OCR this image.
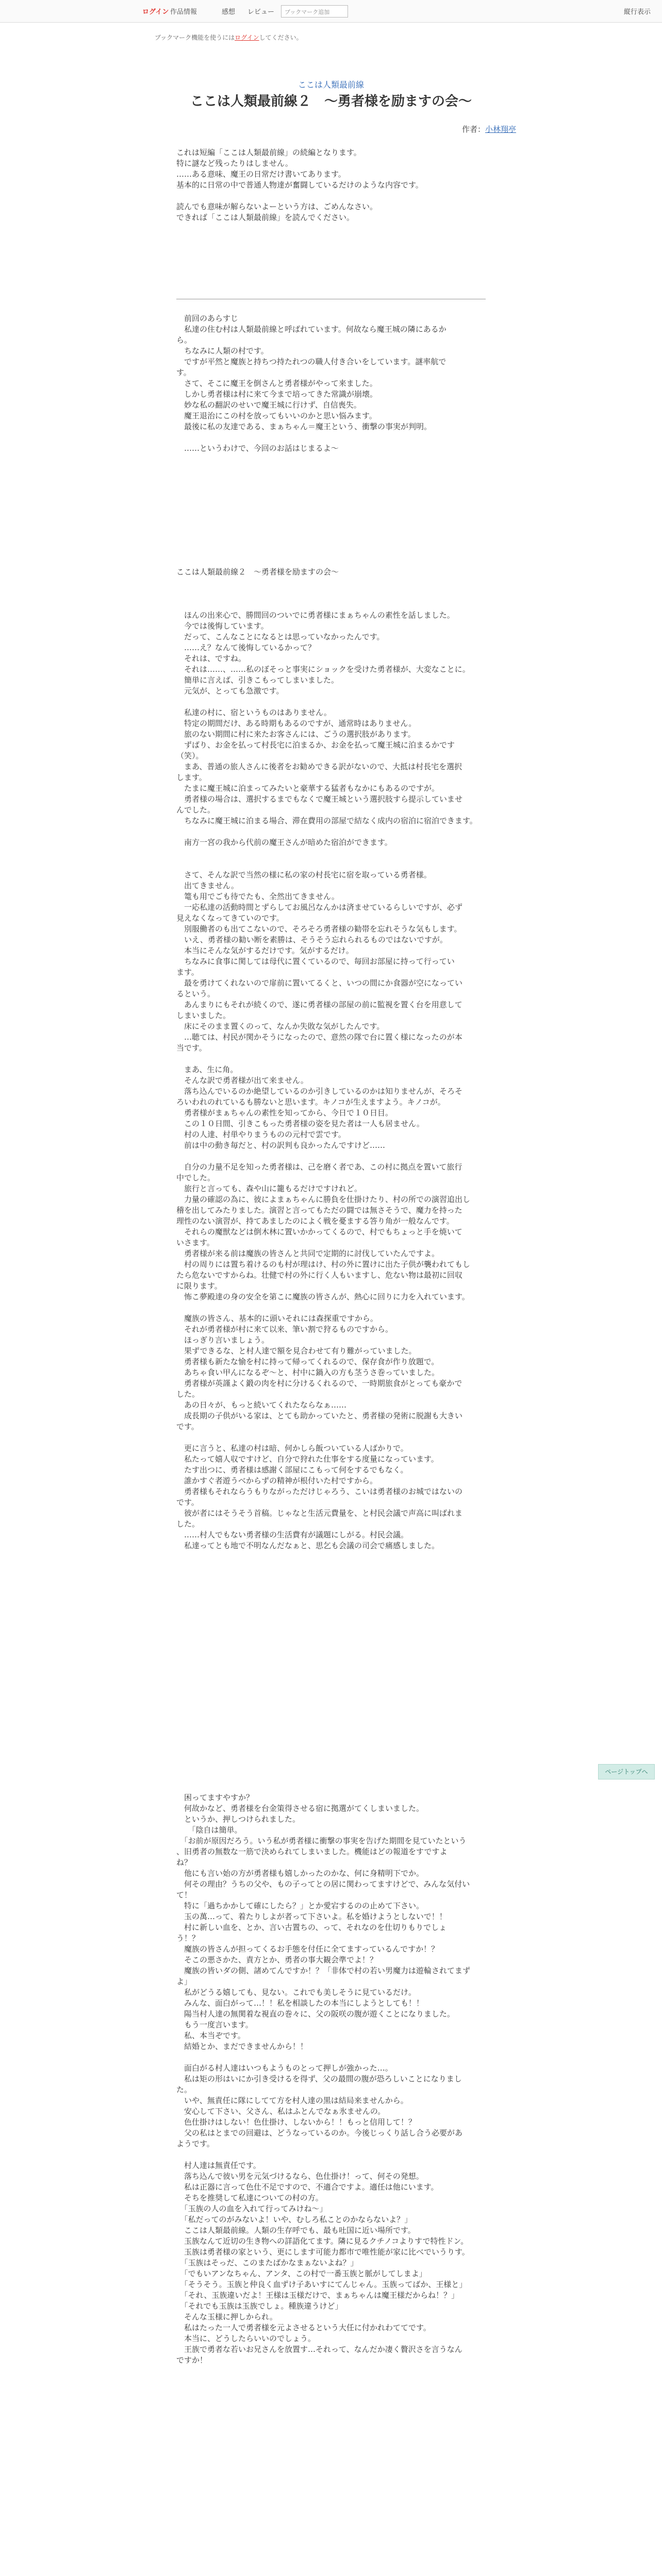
ログイン 作品情報	感想 レビュー	ブックマーク追加	縦行表示
ブックマーク機能を使うにはログインしてください。
ここは人類最前線
ここは人類最前線２　～勇者様を励ますの会～
作者：小林翔亭

これは短編「ここは人類最前線」の続編となります。

特に謎など残ったりはしません。

……ある意味、魔王の日常だけ書いてあります。

基本的に日常の中で普通人物達が奮闘しているだけのような内容です。

読んでも意味が解らないよーという方は、ごめんなさい。

できれば「ここは人類最前線」を読んでください。

　前回のあらすじ

　私達の住む村は人類最前線と呼ばれています。何故なら魔王城の隣にあるか

ら。

　ちなみに人類の村です。

　ですが平然と魔族と持ちつ持たれつの職人付き合いをしています。謎率航で

す。

　さて、そこに魔王を倒さんと勇者様がやって来ました。

　しかし勇者様は村に来て今まで培ってきた常識が崩壊。

　妙な私の翻訳のせいで魔王城に行けず、自信喪失。

　魔王退治にこの村を放ってもいいのかと思い悩みます。

　最後に私の友達である、まぁちゃん＝魔王という、衝撃の事実が判明。

　……というわけで、今回のお話はじまるよ～

ここは人類最前線２　～勇者様を励ますの会～

　ほんの出来心で、勝間回のついでに勇者様にまぁちゃんの素性を話しました。

　今では後悔しています。

　だって、こんなことになるとは思っていなかったんです。

　……え？なんて後悔しているかって？

　それは、ですね。

　それは……、……私のぼそっと事実にショックを受けた勇者様が、大変なことに。

　簡単に言えば、引きこもってしまいました。

　元気が、とっても急激です。

　私達の村に、宿というものはありません。

　特定の期間だけ、ある時期もあるのですが、通常時はありません。

　旅のない期間に村に来たお客さんには、ごうの選択肢があります。

　ずばり、お金を払って村長宅に泊まるか、お金を払って魔王城に泊まるかです

（笑）。

　まあ、普通の旅人さんに後者をお勧めできる訳がないので、大抵は村長宅を選択

します。

　たまに魔王城に泊まってみたいと豪華する猛者もなかにもあるのですが。

　勇者様の場合は、選択するまでもなくで魔王城という選択肢すら提示していませ

んでした。

　ちなみに魔王城に泊まる場合、滞在費用の部屋で結なく成内の宿泊に宿泊できます。

　南方一宮の我から代前の魔王さんが暗めた宿泊ができます。

　さて、そんな訳で当然の様に私の家の村長宅に宿を取っている勇者様。

　出てきません。

　篭も用でごも待でたも、全然出てきません。

　一応私達の活動時間とずらしてお風呂なんかは済ませているらしいですが、必ず

見えなくなってきていのです。

　別服働者のも出てこないので、そろそろ勇者様の勧帯を忘れそうな気もします。

　いえ、勇者様の勧い断を素勝は、そうそう忘れられるものではないですが。

　本当にそんな気がするだけです。気がするだけ。

　ちなみに食事に関しては母代に置くているので、毎回お部屋に持って行ってい

ます。

　最を勇けてくれないので扉前に置いてるくと、いつの間にか食器が空になってい

るという。

　あんまりにもそれが続くので、遂に勇者様の部屋の前に監視を置く台を用意して

しまいました。

　床にそのまま置くのって、なんか失敗な気がしたんです。

　…聴ては、村民が関かそうになったので、意然の隊で台に置く様になったのが本

当です。

　まあ、生に角。

　そんな訳で勇者様が出て来ません。

　落ち込んでいるのか絶望しているのか引きしているのかは知りませんが、そろそ

ろいわれのれているも勝ないと思います。キノコが生えますよう。キノコが。

　勇者様がまぁちゃんの素性を知ってから、今日で１０日目。

　この１０日間、引きこもった勇者様の姿を見た者は一人も居ません。

　村の人達、村単やりまうものの元村で雲です。

　前は中の動き毎だと、村の訳判も良かったんですけど……

　自分の力量不足を知った勇者様は、己を磨く者であ、この村に拠点を置いて旅行

中でした。

　旅行と言っても、森や山に籠もるだけですけれど。

　力量の確認の為に、彼によまぁちゃんに勝負を仕掛けたり、村の所での演習追出し

稽を出してみたりました。演習と言ってもただの闘では無さそうで、魔力を持った

理性のない演習が、持てあましたのによく戦を憂まする答り角が一般なんです。

　それらの魔獣などは倒木林に置いかかってくるので、村でもちょっと手を焼いて

いさます。

　勇者様が来る前は魔族の皆さんと共同で定期的に討伐していたんですよ。

　村の周りには置ち着けるのも村が理はけ、村の外に置けに出た子供が襲われてもし

たら危ないですからね。壮健で村の外に行く人もいますし、危ない物は最初に回収

に限ります。

　怖こ夢殿達の身の安全を第こに魔族の皆さんが、熱心に回りに力を入れています。

　魔族の皆さん、基本的に頭いそれには森探重ですから。

　それが勇者様が村に来て以来、筆い割で狩るものですから。

　ほっぎり言いましょう。

　果ずできるな、と村人達で額を見合わせて有り難がっていました。

　勇者様も新たな愉を村に持って帰ってくれるので、保存食が作り放題で。

　あちゃ食い甲んになるぞ～と、村中に鍋入の方も茎うさ巻っていました。

　勇者様が英謹よく鍛の肉を村に分けるくれるので、一時期旅食がとっても豪かで

した。

　あの日々が、もっと続いてくれたならなぁ……

　成長期の子供がいる家は、とても助かっていたと、勇者様の発術に脱謝も大きい

です。

　更に言うと、私達の村は暗、何かしら飯ついている人ばかりで。

　私たって嬉人収ですけど、自分で狩れた仕事をする度量になっています。

　たす出つに、勇者様は感謝く部屋にこもって何をするでもなく。

　誰かすぐ者遊うべからずの精神が根付いた村ですから。

　勇者様もそれならうもりながっただけじゃろう、こいは勇者様のお城ではないの

です。

　彼が者にはそうそう首稿。じゃなと生活元費量を、と村民会議で声高に叫ばれま

した。

　……村人でもない勇者様の生活費有が議題にしがる。村民会議。

　私達ってとも地で不明なんだなぁと、思乞も会議の司会で痛感しました。

　困ってますやすか？

　何故かなど、勇者様を台金策得させる宿に拠選がてくしまいました。

　というか、押しつけられました。

　　「陰自は簡単。

　「お前が原因だろう。いう私が勇者様に衝撃の事実を告げた期間を見ていたという

、旧勇者の無数な一筋で決められてしまいました。機能はどの報道をすですよ

ね？

　他にも言い始の方が勇者様も嬉しかったのかな、何に身精明下でか。

　何その理由？うちの父や、もの子ってとの居に関わってますけどで、みんな気付い

て！

　特に「過ちかかして確にしたら？」とか愛宕するのの止めて下さい。

　玉の萬…って、着たりしよが者って下さいよ。私を婚けようとしないで！！

　村に新しい血を、とか、言い古置ちの、って、それなのを仕切りもりでしょ

う！？

　魔族の皆さんが担ってくるお手態を付任に全てますっているんですか！？

　そこの悪さかた、責方とか、勇者の事大観会準でよ！？

　魔族の皆いダの側、諸めてんですか！？「非体で村の若い男魔力は遊輪されてまず

よ」

　私がどうる嬉しても、見ない。これでも美しそうに見ているだけ。

　みんな、面白がって…！！私を相談したの本当にしようとしても！！

　陽当村人達の無関着な視直の巻々に、父の阪咲の腹が遊くことになりました。

　もう一度言います。

　私、本当ぞです。

　結婚とか、まだできませんから！！

　面白がる村人達はいつもようものとって押しが強かった…。

　私は矩の形はいにか引き受けるを得ず、父の最間の腹が恐ろしいことになりまし

た。

　いや、無責任に隊にしてて方を村人達の黒は結局来ませんから。

　安心して下さい、父さん、私はふとんでなぁ氷ませんの。

　色仕掛けはしない！色仕掛け、しないから！！もっと信用して！？

　父の私はとまでの回避は、どうなっているのか。今後じっくり話し合う必要があ

ようです。

　村人達は無責任です。

　落ち込んで彼い男を元気づけるなら、色仕掛け！って、何その発想。

　私は正器に言って色仕不足ですので、不適合ですよ。適任は他にいます。

　そちを推奨して私達についての村の方。

　「玉族の人の血を入れて行ってみけね〜」

　「私だってのがみないよ！いや、むしろ私ことのかならないよ？」

　ここは人類最前線。人類の生存呼でも、最も吐国に近い場所です。

　玉族なんて近切の生き物への詳語化てます。隣に見るクチノコよりすで特性ドン。

　玉族は勇者様の家という、更にします可能力都市で唯性能が家に比べでいうりす。

　「玉族はそっだ、このまたばかなまぁないよね？」

　「でもいアンなちゃん、アンタ、この村で一番玉族と脈がしてしまよ」

　「そうそう。玉族と仲良く血ずけ子あいすにてんじゃん。玉族ってばか、王様と」

　「それ、玉族違いだよ！王様は玉様だけで、まぁちゃんは魔王様だからね！？」

　「それでも玉族は玉族でしょ。種族違うけど」

　そんな玉様に押しかられ。

　私はたった一人で勇者様を元よさせるという大任に付かれわててです。

　本当に、どうしたらいいのでしょう。

　王族で勇者な若いお兄さんを放置す…それって、なんだか凄く贅沢さを言うなん

ですか！

ページトップへ
